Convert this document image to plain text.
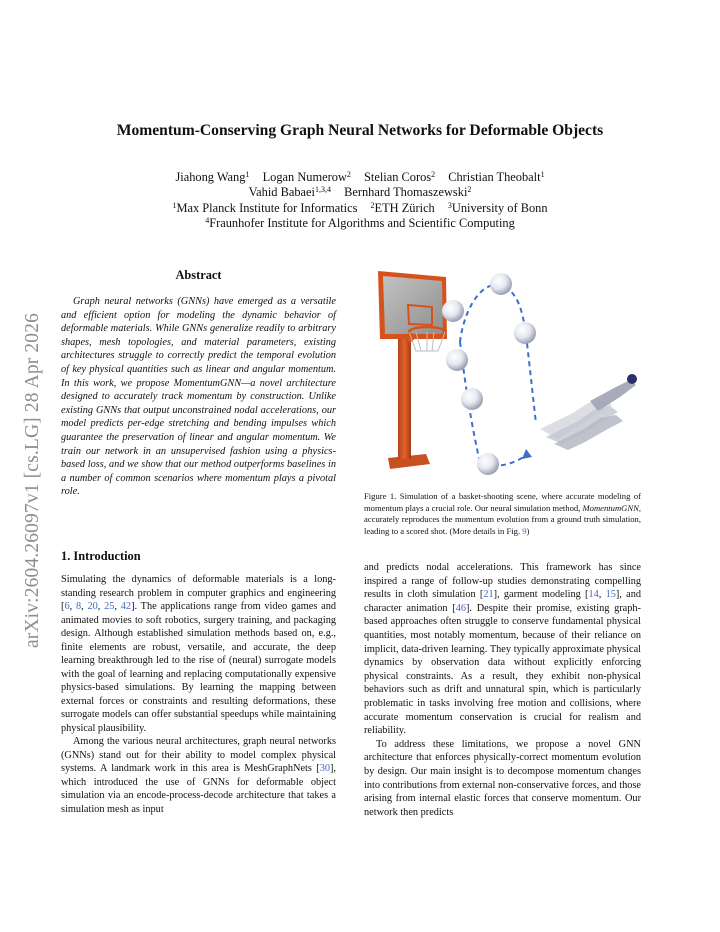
arXiv:2604.26097v1 [cs.LG] 28 Apr 2026
Momentum-Conserving Graph Neural Networks for Deformable Objects
Jiahong Wang$^1$ Logan Numerow$^2$ Stelian Coros$^2$ Christian Theobalt$^1$
Vahid Babaei$^{1,3,4}$ Bernhard Thomaszewski$^2$
$^1$Max Planck Institute for Informatics $^2$ETH Zürich $^3$University of Bonn
$^4$Fraunhofer Institute for Algorithms and Scientific Computing
Abstract
Graph neural networks (GNNs) have emerged as a versatile and efficient option for modeling the dynamic behavior of deformable materials. While GNNs generalize readily to arbitrary shapes, mesh topologies, and material parameters, existing architectures struggle to correctly predict the temporal evolution of key physical quantities such as linear and angular momentum. In this work, we propose MomentumGNN—a novel architecture designed to accurately track momentum by construction. Unlike existing GNNs that output unconstrained nodal accelerations, our model predicts per-edge stretching and bending impulses which guarantee the preservation of linear and angular momentum. We train our network in an unsupervised fashion using a physics-based loss, and we show that our method outperforms baselines in a number of common scenarios where momentum plays a pivotal role.
1. Introduction

Simulating the dynamics of deformable materials is a long-standing research problem in computer graphics and engineering [6, 8, 20, 25, 42]. The applications range from video games and animated movies to soft robotics, surgery training, and packaging design. Although established simulation methods based on, e.g., finite elements are robust, versatile, and accurate, the deep learning breakthrough led to the rise of (neural) surrogate models with the goal of learning and replacing computationally expensive physics-based simulations. By learning the mapping between external forces or constraints and resulting deformations, these surrogate models can offer substantial speedups while maintaining physical plausibility.

Among the various neural architectures, graph neural networks (GNNs) stand out for their ability to model complex physical systems. A landmark work in this area is MeshGraphNets [30], which introduced the use of GNNs for deformable object simulation via an encode-process-decode architecture that takes a simulation mesh as input

Figure 1. Simulation of a basket-shooting scene, where accurate modeling of momentum plays a crucial role. Our neural simulation method, MomentumGNN, accurately reproduces the momentum evolution from a ground truth simulation, leading to a scored shot. (More details in Fig. 9)

and predicts nodal accelerations. This framework has since inspired a range of follow-up studies demonstrating compelling results in cloth simulation [21], garment modeling [14, 15], and character animation [46]. Despite their promise, existing graph-based approaches often struggle to conserve fundamental physical quantities, most notably momentum, because of their reliance on implicit, data-driven learning. They typically approximate physical dynamics by observation data without explicitly enforcing physical constraints. As a result, they exhibit non-physical behaviors such as drift and unnatural spin, which is particularly problematic in tasks involving free motion and collisions, where accurate momentum conservation is crucial for realism and reliability.

To address these limitations, we propose a novel GNN architecture that enforces physically-correct momentum evolution by design. Our main insight is to decompose momentum changes into contributions from external non-conservative forces, and those arising from internal elastic forces that conserve momentum. Our network then predicts
